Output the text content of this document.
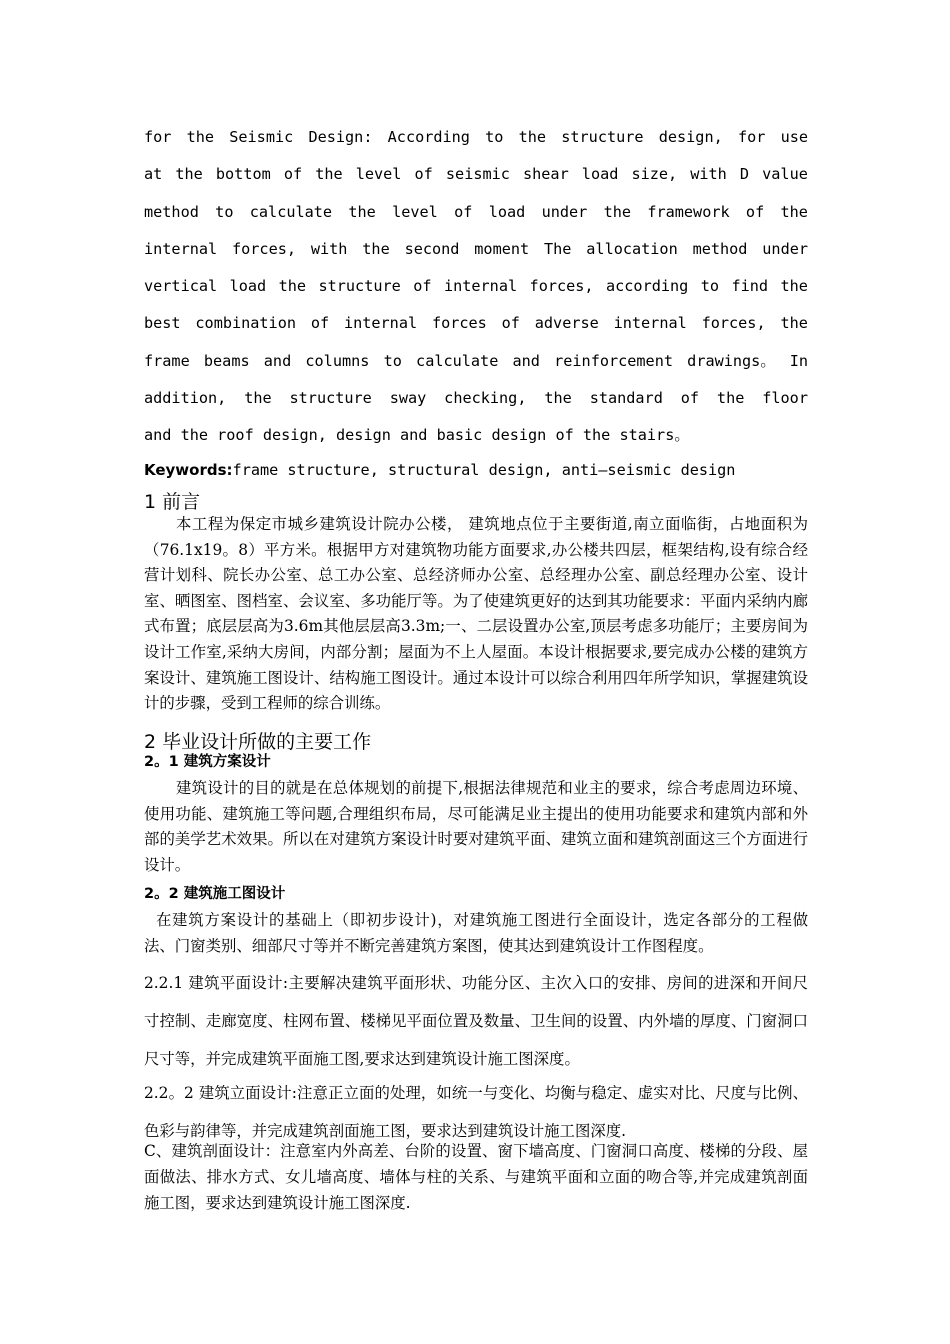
for the Seismic Design: According to the structure design, for use
at the bottom of the level of seismic shear load size, with D value
method to calculate the level of load under the framework of the
internal forces, with the second moment The allocation method under
vertical load the structure of internal forces, according to find the
best combination of internal forces of adverse internal forces, the
frame beams and columns to calculate and reinforcement drawings。 In
addition, the structure sway checking, the standard of the floor
and the roof design, design and basic design of the stairs。
Keywords:frame structure, structural design, anti—seismic design
1 前言
本工程为保定市城乡建筑设计院办公楼， 建筑地点位于主要街道,南立面临街，占地面积为（76.1x19。8）平方米。根据甲方对建筑物功能方面要求,办公楼共四层，框架结构,设有综合经营计划科、院长办公室、总工办公室、总经济师办公室、总经理办公室、副总经理办公室、设计室、晒图室、图档室、会议室、多功能厅等。为了使建筑更好的达到其功能要求：平面内采纳内廊式布置；底层层高为3.6m其他层层高3.3m;一、二层设置办公室,顶层考虑多功能厅；主要房间为设计工作室,采纳大房间，内部分割；屋面为不上人屋面。本设计根据要求,要完成办公楼的建筑方案设计、建筑施工图设计、结构施工图设计。通过本设计可以综合利用四年所学知识，掌握建筑设计的步骤，受到工程师的综合训练。
2 毕业设计所做的主要工作
2。1 建筑方案设计
建筑设计的目的就是在总体规划的前提下,根据法律规范和业主的要求，综合考虑周边环境、使用功能、建筑施工等问题,合理组织布局，尽可能满足业主提出的使用功能要求和建筑内部和外部的美学艺术效果。所以在对建筑方案设计时要对建筑平面、建筑立面和建筑剖面这三个方面进行设计。
2。2 建筑施工图设计
在建筑方案设计的基础上（即初步设计)，对建筑施工图进行全面设计，选定各部分的工程做法、门窗类别、细部尺寸等并不断完善建筑方案图，使其达到建筑设计工作图程度。
2.2.1 建筑平面设计:主要解决建筑平面形状、功能分区、主次入口的安排、房间的进深和开间尺寸控制、走廊宽度、柱网布置、楼梯见平面位置及数量、卫生间的设置、内外墙的厚度、门窗洞口尺寸等，并完成建筑平面施工图,要求达到建筑设计施工图深度。
2.2。2 建筑立面设计:注意正立面的处理，如统一与变化、均衡与稳定、虚实对比、尺度与比例、色彩与韵律等，并完成建筑剖面施工图，要求达到建筑设计施工图深度.
C、建筑剖面设计：注意室内外高差、台阶的设置、窗下墙高度、门窗洞口高度、楼梯的分段、屋面做法、排水方式、女儿墙高度、墙体与柱的关系、与建筑平面和立面的吻合等,并完成建筑剖面施工图，要求达到建筑设计施工图深度.
